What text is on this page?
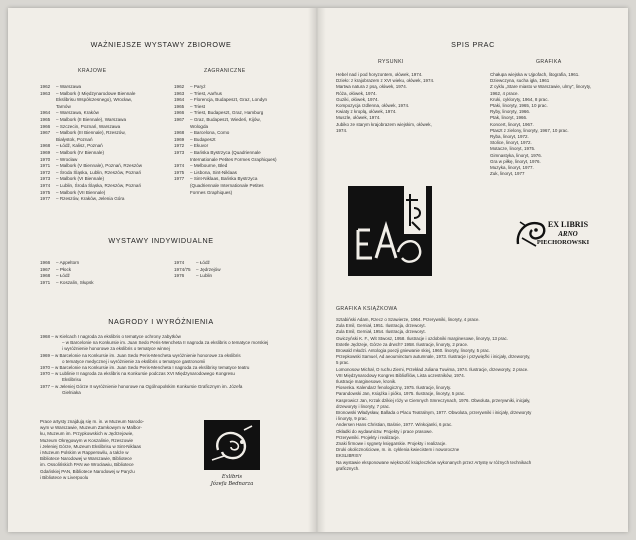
WAŻNIEJSZE WYSTAWY ZBIOROWE
KRAJOWE	ZAGRANICZNE
1962	– Warszawa
1963	– Malbork (I Międzynarodowe Biennale
Ekslibrisu Współczesnego), Wrocław,
Tarnów
1964	– Warszawa, Kraków
1965	– Malbork (II Biennale), Warszawa
1966	– Szczecin, Poznań, Warszawa
1967	– Malbork (III Biennale), Rzeszów,
Białystok, Poznań
1968	– Łódź, Kalisz, Poznań
1969	– Malbork (IV Biennale)
1970	– Wrocław
1971	– Malbork (V Biennale), Poznań, Rzeszów
1972	– Środa Śląska, Lublin, Rzeszów, Poznań
1973	– Malbork (VI Biennale)
1974	– Lublin, Środa Śląska, Rzeszów, Poznań
1975	– Malbork (VII Biennale)
1977	– Rzeszów, Kraków, Jelenia Góra
1962	– Paryż
1963	– Triest, Aarhus
1964	– Florencja, Budapeszt, Graz, Londyn
1965	– Triest
1966	– Triest, Budapeszt, Graz, Hamburg
1967	– Graz, Budapeszt, Wiedeń, Kijów,
Wologda
1968	– Barcelona, Como
1969	– Budapeszt
1972	– Ekuvor
1973	– Bańska Bystrzyca (Quadriennale
Internationale Petites Formes Graphiques)
1974	– Melbourne, Bled
1975	– Lisbona, Sint-Niklaas
1977	– Sint-Niklaas, Bańska Bystrzyca
(Quadriennale Internationale Petites
Formes Graphiques)
WYSTAWY INDYWIDUALNE
1966	– Appeltorn
1967	– Płock
1968	– Łódź
1971	– Koszalin, Słupsk
1974	– Łódź
1974/75	– Jędrzejów
1976	– Lublin
NAGRODY I WYRÓŻNIENIA
1968 – w Kielcach I nagroda za ekslibris o tematyce ochrony zabytków
– w Barcelonie na Konkursie im. Juan Sedo Peris-Mencheta II nagroda za ekslibris o tematyce morskiej
i wyróżnienie honorowe za ekslibris o tematyce winnej
1969 – w Barcelonie na Konkursie im. Juan Sedo Peris-Mencheta wyróżnienie honorowe za ekslibris
o tematyce medycznej i wyróżnienie za ekslibris o tematyce gastronomii
1970 – w Barcelonie na Konkursie im. Juan Sedo Peris-Mencheta I nagroda za ekslibrisy tematyce teatru
1970 – w Lublinie II nagroda za ekslibris na Konkursie podczas XVI Międzynarodowego Kongresu
Ekslibrisu
1977 – w Jeleniej Górze II wyróżnienie honorowe na Ogólnopolskim Konkursie Graficznym im. Józefa
Gielniaka
Prace artysty znajdują się m. in. w Muzeum Narodo-
wym w Warszawie, Muzeum Zamkowym w Malbor-
ku, Muzeum im. Przypkowskich w Jędrzejowie,
Muzeum Okręgowym w Koszalinie, Rzeszowie
i Jeleniej Górze, Muzeum Ekslibrisu w Sint-Niklaas
i Muzeum Polskim w Rapperswilu, a także w
Bibliotece Narodowej w Warszawie, Bibliotece
im. Ossolińskich PAN we Wrocławiu, Bibliotece
Gdańskiej PAN, Bibliotece Narodowej w Paryżu
i Bibliotece w Liverpoolu	Exlibris
Józefa Bednarza
SPIS PRAC
RYSUNKI	GRAFIKA
Hebel nad i pod horyzontem, ołówek, 1974.
Dzieło: z krajobrazem z XVI wieku, ołówek, 1974.
Martwa natura z psą, ołówek, 1974.
Róża, ołówek, 1974.
Guziki, ołówek, 1974.
Kompozycja rzdlenna, ołówek, 1974.
Kwiaty z kroplą, ołówek, 1974.
Muszle, ołówek, 1974.
Jubiko ze starym krajobrazem wiejskim, ołówek,
1974.
Chałupa wiejska w Ujpofach, litografia, 1961.
Dziewczyna, sucha igła, 1961
Z cyklu „Stare miasto w Warszawie, ulmy”, linoryty,
1962, 4 prace.
Kruki, cykloryty, 1964, 8 prac.
Ptaki, linoryty, 1965, 10 prac.
Ryby, linoryty, 1966.
Ptak, linoryt, 1966.
Koncert, linoryt, 1967.
Ptaszt z zielony, linoryty, 1967, 10 prac.
Ryba, linoryt, 1972.
Stolice, linoryt, 1972.
Motacze, linoryt, 1975.
Gimnastyka, linoryt, 1976.
Gra w piłkę, linoryt, 1976.
Muzyka, linoryt, 1977.
Zuk, linoryt, 1977
EX LIBRIS
ARNO
PIECHOROWSKI
GRAFIKA KSIĄŻKOWA
Sztabiński Adam, Rzecz o Szawierze, 1964. Przerywniki, linoryty, 4 prace.
Zula Emil, Gerniał, 1951. Ilustracja, drzeworyt.
Zula Emil, Gerniał, 1954. Ilustracja, drzeworyt.
Gwiczyński K. F., Wit Stwosz, 1958. Ilustracje i ozdobniki marginesowe, linoryty, 13 prac.
Estetle Jędrzeje, Górze za drwch? 1958. Ilustracje, linoryty, 2 prace.
Browald młodzi. Antologia poezji gniewanie skiej, 1960. linoryty, linoryty, 5 prac.
Przepkowski Samuel, Ad aeouminctum autumnale, 1973. Ilustracje i przywięźki i inicjały, drzeworyty,
5 prac.
Lomonosow Michał, O ruchu Ziemi, Przekład Juliana Tuwima, 1974. Ilustracje, drzeworyty, 2 prace.
VIII Międzynarodowy Kongres Bibliofilów, Lista uczestników, 1974.
Ilustracje marginesowe, kronik.
Piosenka. Kalendarz fenologiczny, 1975. Ilustracje, linoryty.
Parandowski Jan, Książka i pióko, 1975. Ilustracje, linoryty, 5 prac.
Kasprowicz Jan, Krzak dzikiej róży w Ciemnych Smreczynach, 1976. Obwoluta, przerywniki, inicjały,
drzeworyty i linoryty, 7 prac.
Bronowski Władysław, Ballada o Placu Teatralnym, 1977. Obwoluta, przerywniki i inicjały, drzeworyty
i linoryty, 9 prac.
Andersen Hans Christian, Baśnie, 1977. Winkojanki, 6 prac.
Okładki do wydawnictw. Projekty i prace prasowe.
Przerywniki. Projekty i realizacje.
Znaki firmowe i sygnety księgarskie. Projekty i realizacje.
Druki okolicznościowe, m. in. cyklenia kwiecistem i noworoczne
EKSLIBRISY
Na wystawie eksponowane większość książeczków wykonanych przez Artystę w różnych technikach
graficznych.
